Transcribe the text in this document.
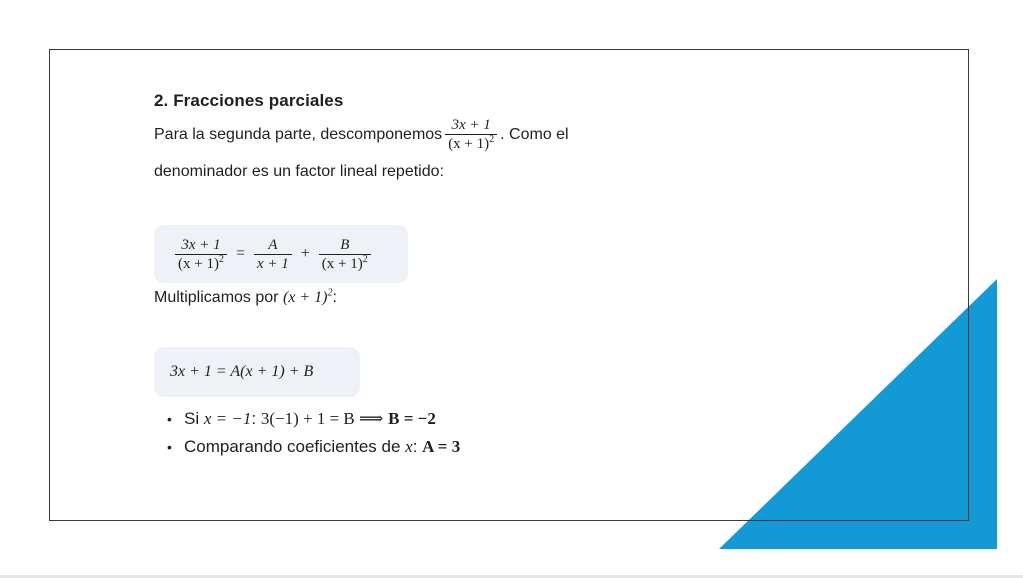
2. Fracciones parciales
Para la segunda parte, descomponemos $\frac{3x + 1}{(x + 1)^2}$ . Como el
denominador es un factor lineal repetido:
$\frac{3x + 1}{(x + 1)^2} = \frac{A}{x + 1} + \frac{B}{(x + 1)^2}$
Multiplicamos por
$(x + 1)^2$ :
3x + 1 = A(x + 1) + B
• Si x = −1: 3(−1) + 1 = B ⟹ B = −2
• Comparando coeficientes de x: A = 3
